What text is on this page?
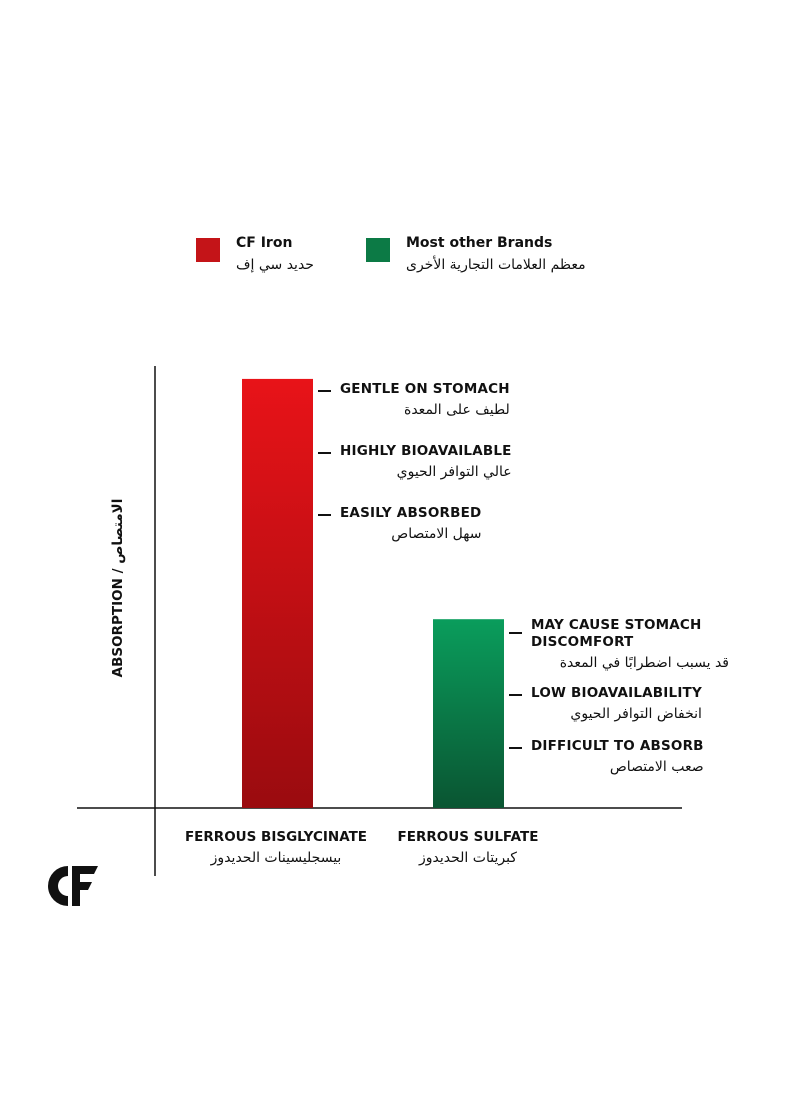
CF Iron
حديد سي إف
Most other Brands
معظم العلامات التجارية الأخرى
ABSORPTION / الامتصاص
GENTLE ON STOMACH
لطيف على المعدة
HIGHLY BIOAVAILABLE
عالي التوافر الحيوي
EASILY ABSORBED
سهل الامتصاص
MAY CAUSE STOMACH DISCOMFORT
قد يسبب اضطرابًا في المعدة
LOW BIOAVAILABILITY
انخفاض التوافر الحيوي
DIFFICULT TO ABSORB
صعب الامتصاص
FERROUS BISGLYCINATE
بيسجليسينات الحديدوز
FERROUS SULFATE
كبريتات الحديدوز
CF
